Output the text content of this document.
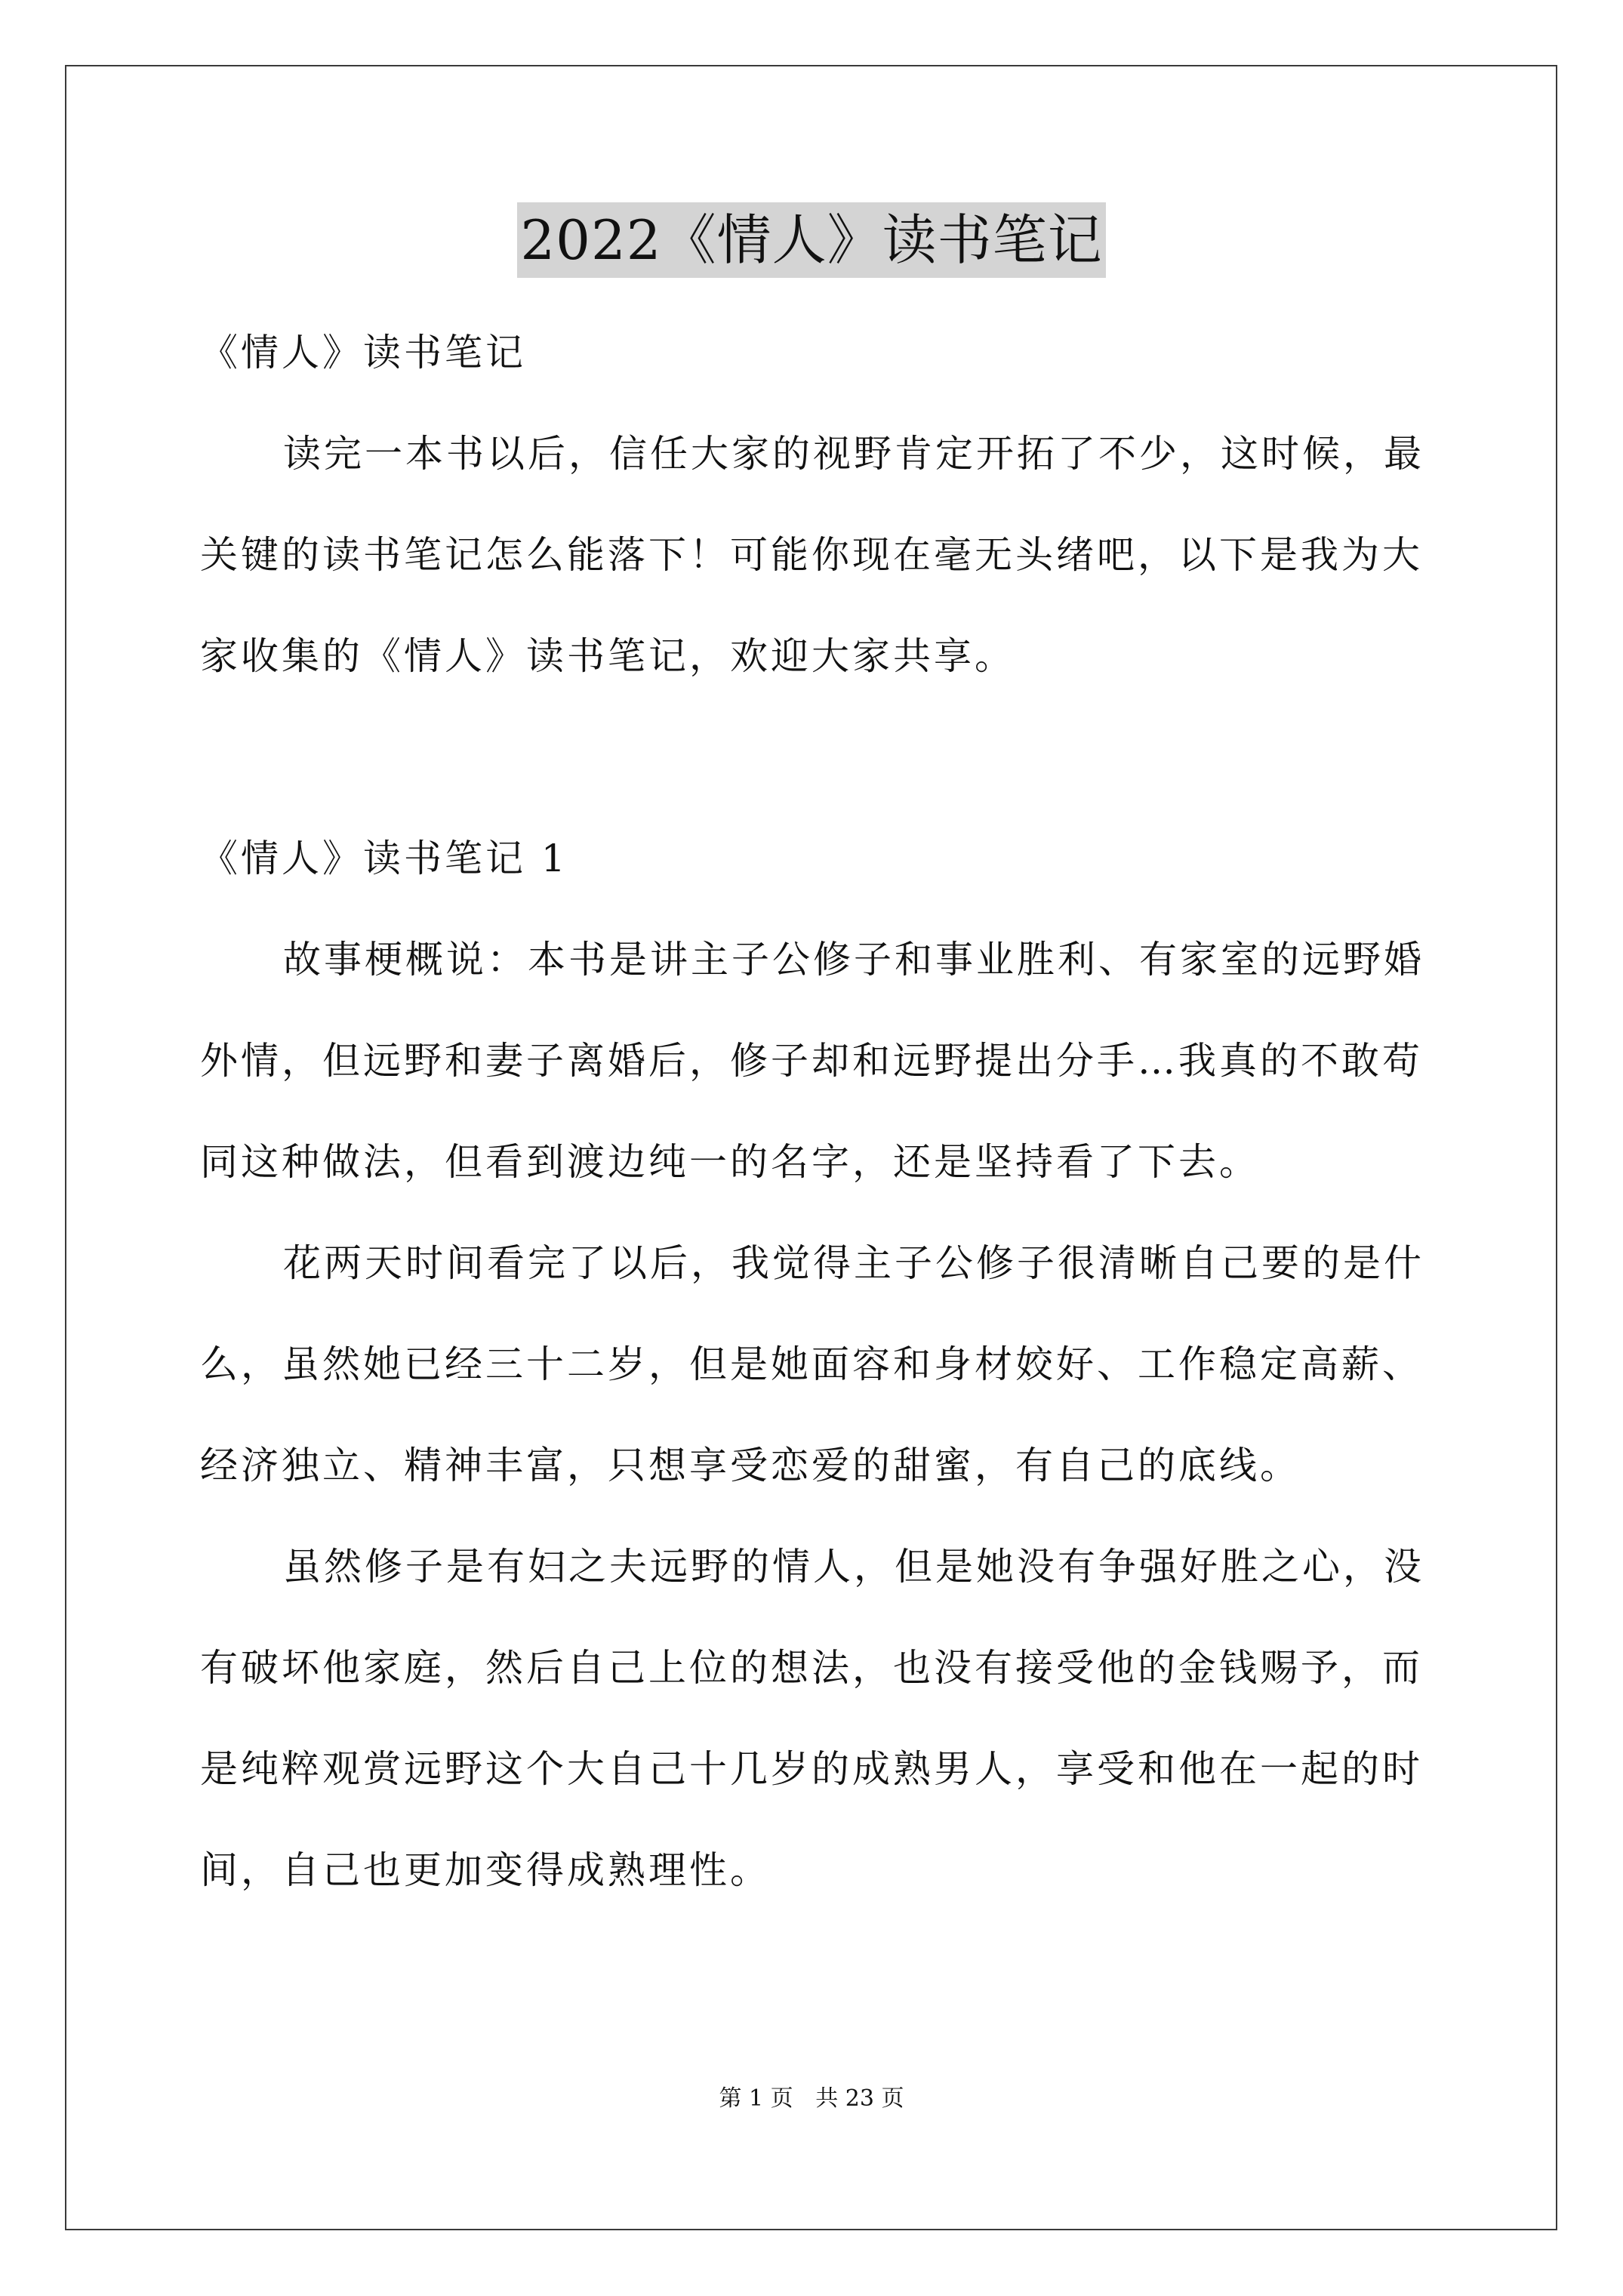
2022《情人》读书笔记
《情人》读书笔记
读完一本书以后，信任大家的视野肯定开拓了不少，这时候，最
关键的读书笔记怎么能落下！可能你现在毫无头绪吧，以下是我为大
家收集的《情人》读书笔记，欢迎大家共享。
《情人》读书笔记 1
故事梗概说：本书是讲主子公修子和事业胜利、有家室的远野婚
外情，但远野和妻子离婚后，修子却和远野提出分手…我真的不敢苟
同这种做法，但看到渡边纯一的名字，还是坚持看了下去。
花两天时间看完了以后，我觉得主子公修子很清晰自己要的是什
么，虽然她已经三十二岁，但是她面容和身材姣好、工作稳定高薪、
经济独立、精神丰富，只想享受恋爱的甜蜜，有自己的底线。
虽然修子是有妇之夫远野的情人，但是她没有争强好胜之心，没
有破坏他家庭，然后自己上位的想法，也没有接受他的金钱赐予，而
是纯粹观赏远野这个大自己十几岁的成熟男人，享受和他在一起的时
间，自己也更加变得成熟理性。
第 1 页 共 23 页
